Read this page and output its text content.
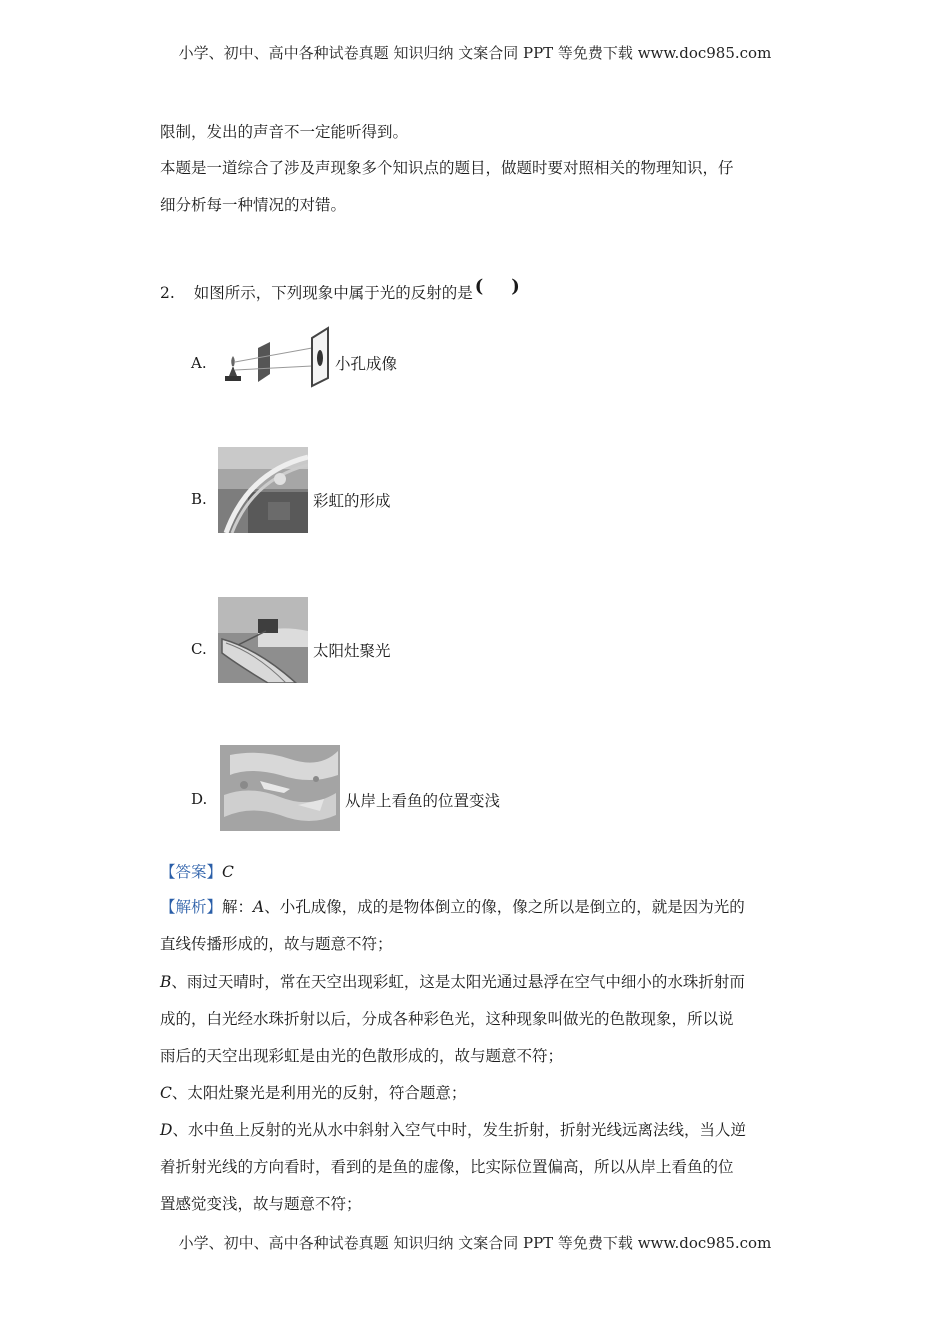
小学、初中、高中各种试卷真题 知识归纳 文案合同 PPT 等免费下载 www.doc985.com
限制，发出的声音不一定能听得到。
本题是一道综合了涉及声现象多个知识点的题目，做题时要对照相关的物理知识，仔
细分析每一种情况的对错。
2. 如图所示，下列现象中属于光的反射的是 ( )
A.	小孔成像
B.	彩虹的形成
C.	太阳灶聚光
D.	从岸上看鱼的位置变浅
【答案】C
【解析】解：A、小孔成像，成的是物体倒立的像，像之所以是倒立的，就是因为光的
直线传播形成的，故与题意不符；
B、雨过天晴时，常在天空出现彩虹，这是太阳光通过悬浮在空气中细小的水珠折射而
成的，白光经水珠折射以后，分成各种彩色光，这种现象叫做光的色散现象，所以说
雨后的天空出现彩虹是由光的色散形成的，故与题意不符；
C、太阳灶聚光是利用光的反射，符合题意；
D、水中鱼上反射的光从水中斜射入空气中时，发生折射，折射光线远离法线，当人逆
着折射光线的方向看时，看到的是鱼的虚像，比实际位置偏高，所以从岸上看鱼的位
置感觉变浅，故与题意不符；
小学、初中、高中各种试卷真题 知识归纳 文案合同 PPT 等免费下载 www.doc985.com
